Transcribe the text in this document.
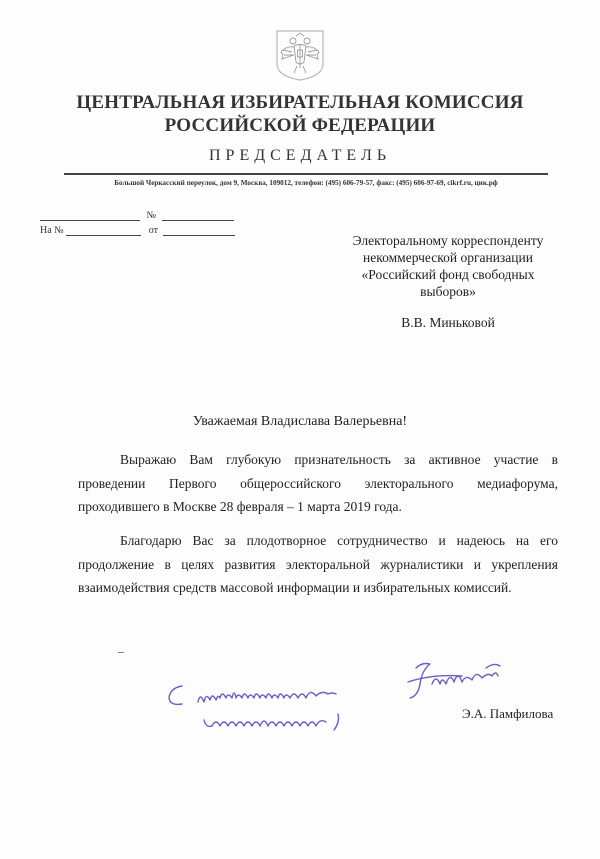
ЦЕНТРАЛЬНАЯ ИЗБИРАТЕЛЬНАЯ КОМИССИЯ
РОССИЙСКОЙ ФЕДЕРАЦИИ
ПРЕДСЕДАТЕЛЬ
Большой Черкасский переулок, дом 9, Москва, 109012, телефон: (495) 606-79-57, факс: (495) 606-97-69, cikrf.ru, цик.рф
№
На №	от
Электоральному корреспонденту
некоммерческой организации
«Российский фонд свободных
выборов»
В.В. Миньковой
Уважаемая Владислава Валерьевна!

Выражаю Вам глубокую признательность за активное участие в проведении Первого общероссийского электорального медиафорума, проходившего в Москве 28 февраля – 1 марта 2019 года.

Благодарю Вас за плодотворное сотрудничество и надеюсь на его продолжение в целях развития электоральной журналистики и укрепления взаимодействия средств массовой информации и избирательных комиссий.

Э.А. Памфилова
